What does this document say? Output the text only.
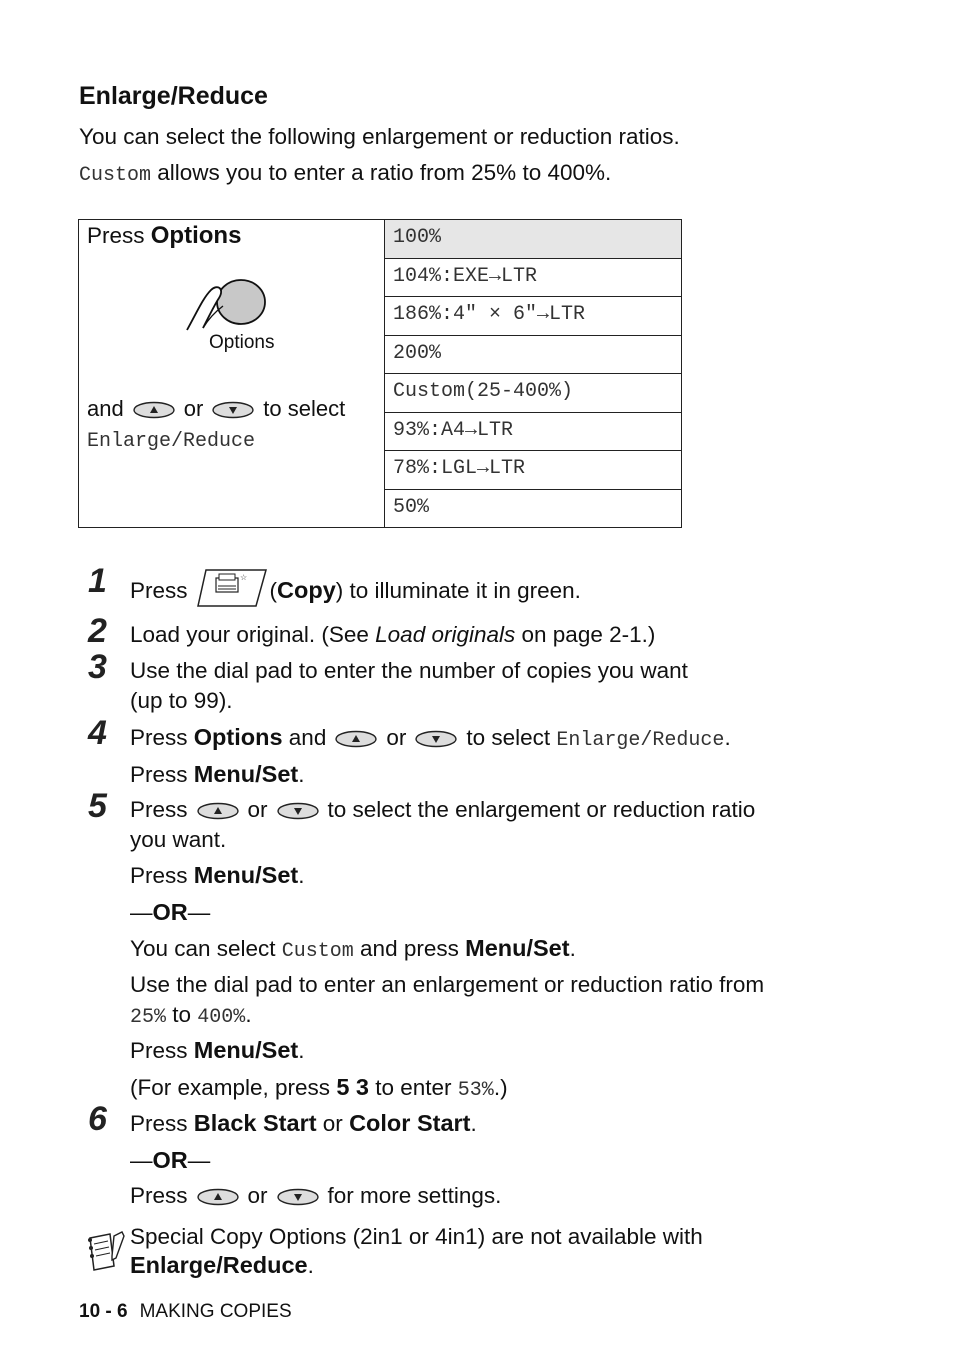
Enlarge/Reduce
You can select the following enlargement or reduction ratios.
Custom allows you to enter a ratio from 25% to 400%.
Press Options
Options
and	or	to select
Enlarge/Reduce
100%
104%:EXE→LTR
186%:4" × 6"→LTR
200%
Custom(25-400%)
93%:A4→LTR
78%:LGL→LTR
50%
1 Press
☆
(Copy) to illuminate it in green.
2 Load your original. (See Load originals on page 2-1.)
3 Use the dial pad to enter the number of copies you want
(up to 99).
4 Press Options and	or	to select Enlarge/Reduce.
Press Menu/Set.
5 Press	or	to select the enlargement or reduction ratio
you want.
Press Menu/Set.
—OR—
You can select Custom and press Menu/Set.
Use the dial pad to enter an enlargement or reduction ratio from
25% to 400%.
Press Menu/Set.
(For example, press 5 3 to enter 53%.)
6 Press Black Start or Color Start.
—OR—
Press	or	for more settings.
Special Copy Options (2in1 or 4in1) are not available with
Enlarge/Reduce.
10 - 6 MAKING COPIES
